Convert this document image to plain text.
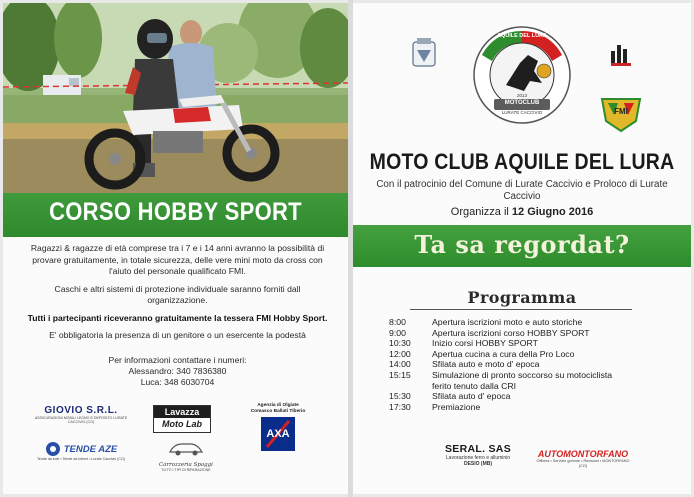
CORSO HOBBY SPORT

Ragazzi & ragazze di età comprese tra i 7 e i 14 anni avranno la possibilità di provare gratuitamente, in totale sicurezza, delle vere mini moto da cross con l'aiuto del personale qualificato FMI.

Caschi e altri sistemi di protezione individuale saranno forniti dall organizzazione.

Tutti i partecipanti riceveranno gratuitamente la tessera FMI Hobby Sport.

E' obbligatoria la presenza di un genitore o un esercente la podestà

Per informazioni contattare i numeri:

Alessandro: 340 7836380

Luca: 348 6030704

GIOVIO S.R.L.
ASSICURAZIONI MOBILI LEGNO E DEPOSITO LURATE CACCIVIO (CO)
Lavazza
Moto Lab
Agenzia di Olgiate Comasco Ballati Tiberio
AXA
TENDE AZE
Tende da sole • Tende da interni • Lurate Caccivio (CO)
Carrozzeria Spaggi
TUTTI I TIPI DI RIPARAZIONE
AQUILE DEL LURA
2013
MOTOCLUB
LURATE CACCIVIO	FMI
MOTO CLUB AQUILE DEL LURA
Con il patrocinio del Comune di Lurate Caccivio e Proloco di Lurate Caccivio
Organizza il 12 Giugno 2016
Ta sa regordat?
Programma
8:00	Apertura iscrizioni moto e auto storiche
9:00	Apertura iscrizioni corso HOBBY SPORT
10:30	Inizio corsi HOBBY SPORT
12:00	Apertua cucina a cura della Pro Loco
14:00	Sfilata auto e moto d' epoca
15:15	Simulazione di pronto soccorso su motociclista ferito tenuto dalla CRI
15:30	Sfilata auto d' epoca
17:30	Premiazione
SERAL. SAS
Lavorazione ferro e alluminio
DESIO (MB)
AUTOMONTORFANO
Officina • Servizio gomme • Revisioni • MONTORFANO (CO)
